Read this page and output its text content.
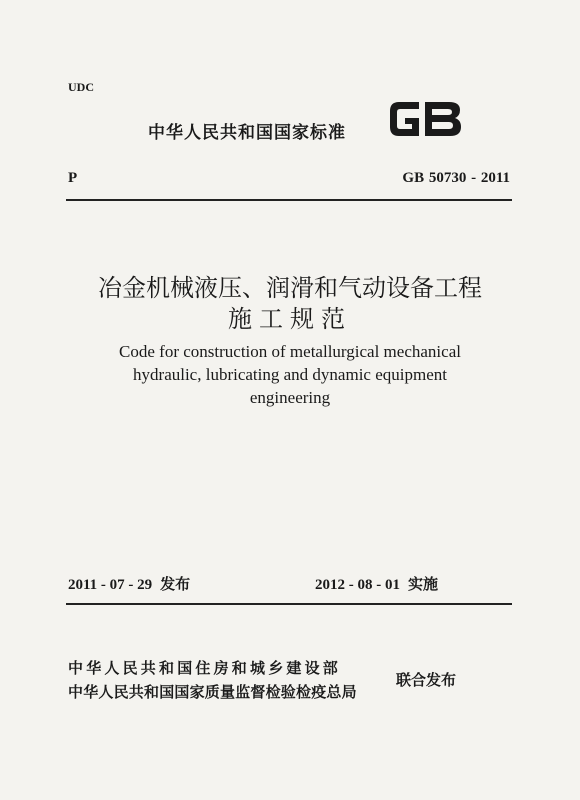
UDC
中华人民共和国国家标准
P	GB 50730 - 2011
冶金机械液压、润滑和气动设备工程
施工规范
Code for construction of metallurgical mechanical
hydraulic, lubricating and dynamic equipment
engineering
2011 - 07 - 29 发布	2012 - 08 - 01 实施
中华人民共和国住房和城乡建设部
中华人民共和国国家质量监督检验检疫总局
联合发布
